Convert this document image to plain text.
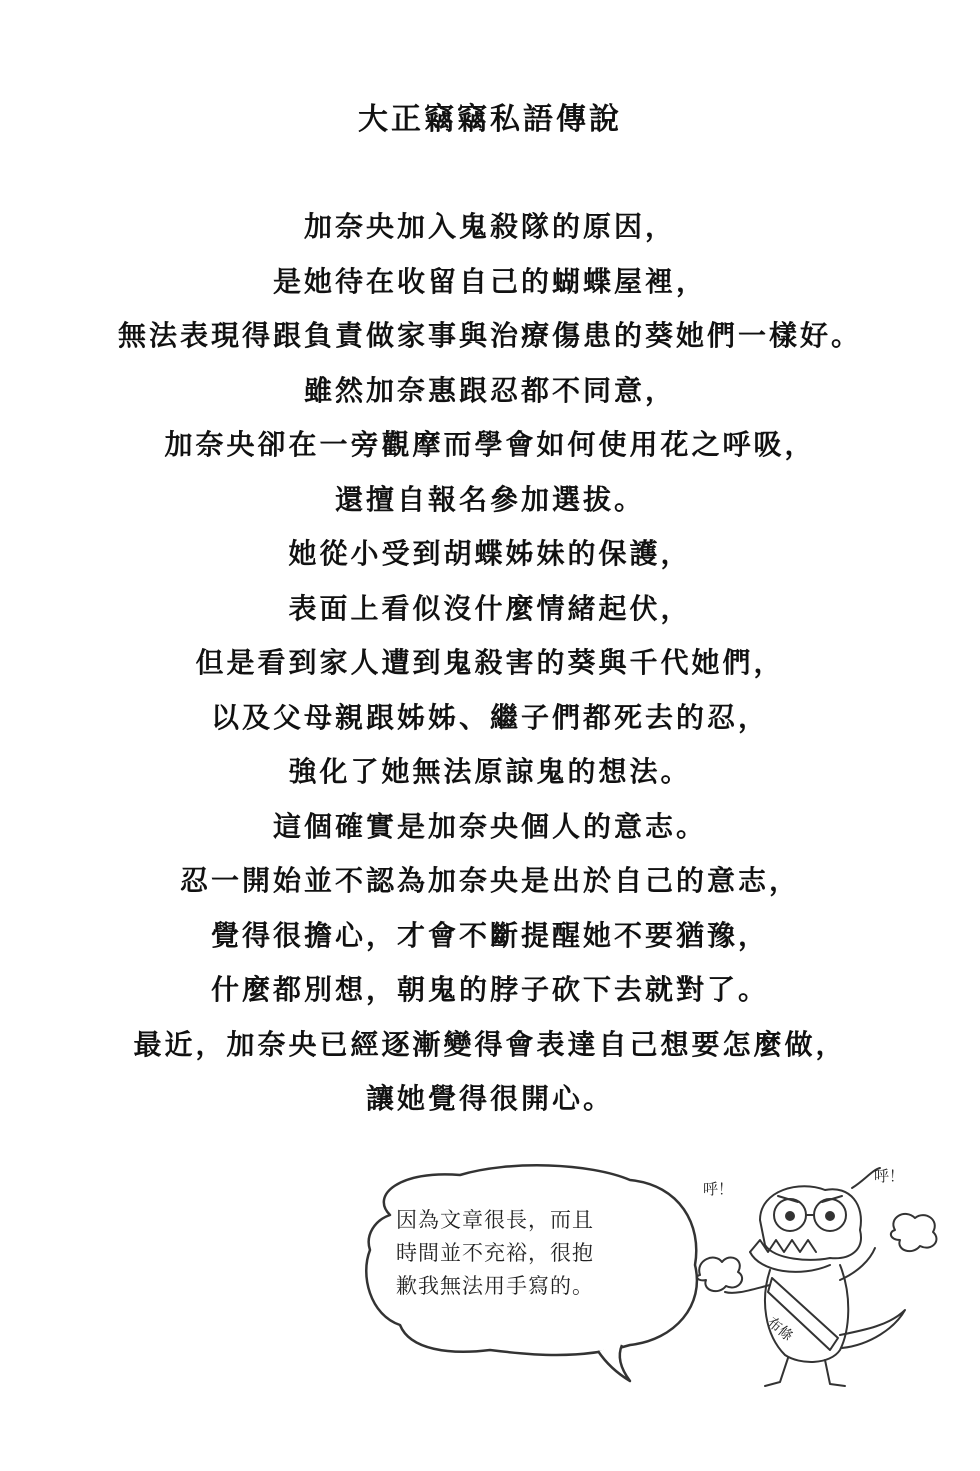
大正竊竊私語傳說
加奈央加入鬼殺隊的原因，
是她待在收留自己的蝴蝶屋裡，
無法表現得跟負責做家事與治療傷患的葵她們一樣好。
雖然加奈惠跟忍都不同意，
加奈央卻在一旁觀摩而學會如何使用花之呼吸，
還擅自報名參加選拔。
她從小受到胡蝶姊妹的保護，
表面上看似沒什麼情緒起伏，
但是看到家人遭到鬼殺害的葵與千代她們，
以及父母親跟姊姊、繼子們都死去的忍，
強化了她無法原諒鬼的想法。
這個確實是加奈央個人的意志。
忍一開始並不認為加奈央是出於自己的意志，
覺得很擔心，才會不斷提醒她不要猶豫，
什麼都別想，朝鬼的脖子砍下去就對了。
最近，加奈央已經逐漸變得會表達自己想要怎麼做，
讓她覺得很開心。
因為文章很長，而且
時間並不充裕，很抱
歉我無法用手寫的。
呼！
呼！
布條
